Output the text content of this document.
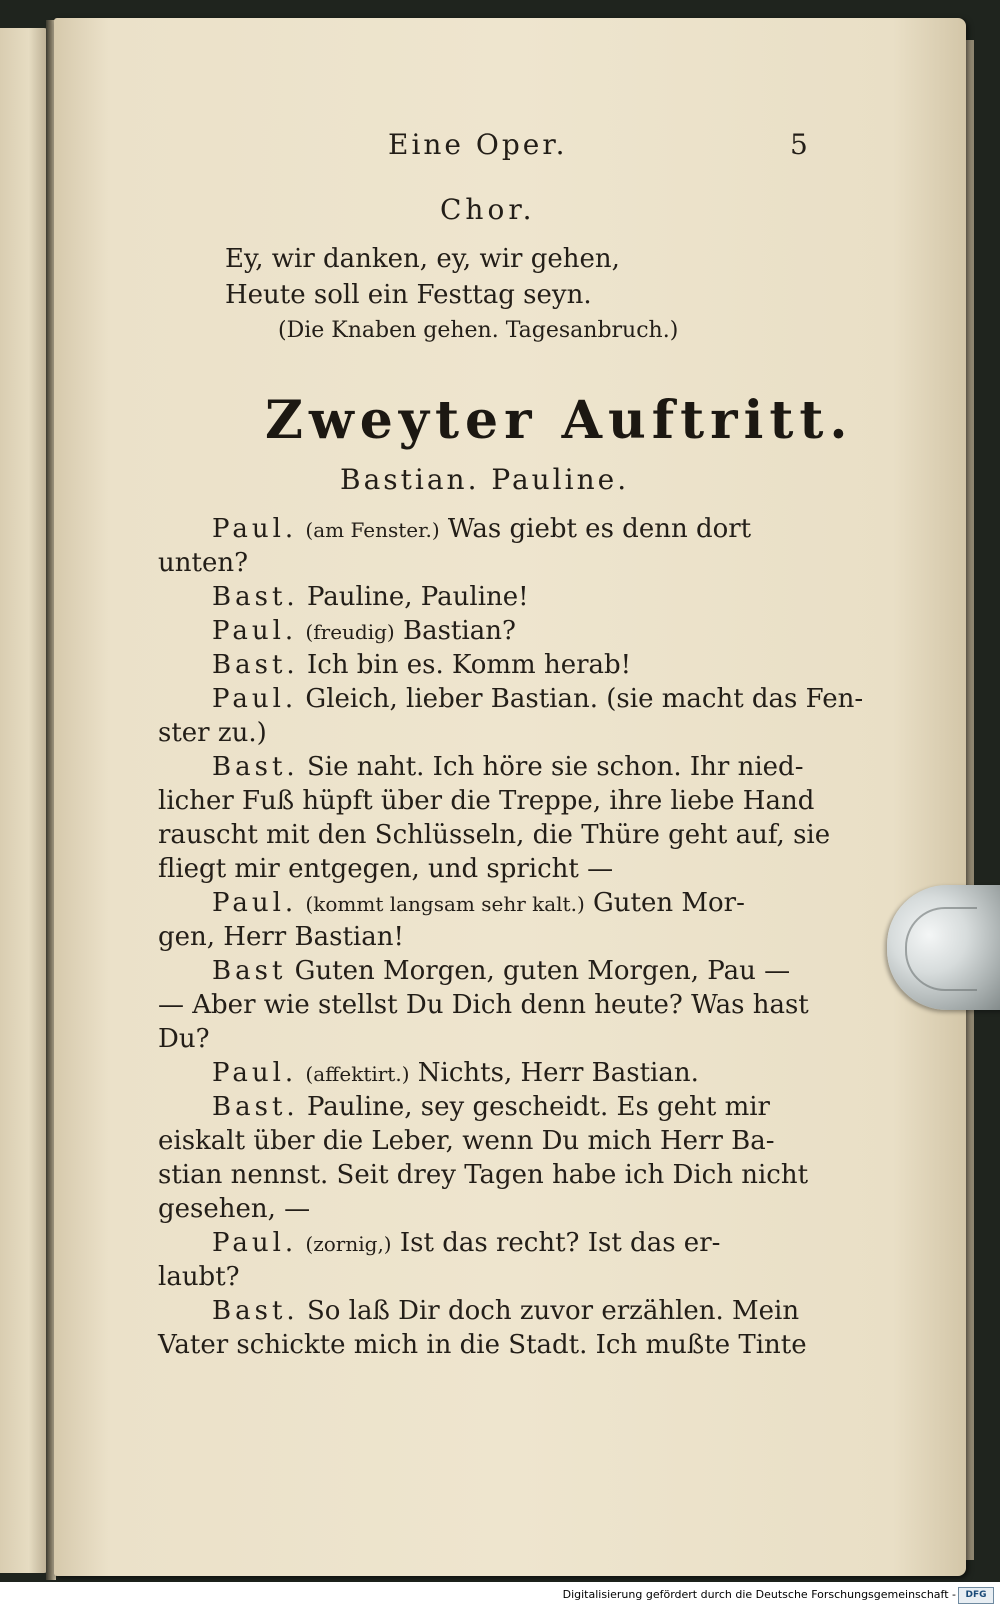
Eine Oper.	5
Chor.
Ey, wir danken, ey, wir gehen,
Heute soll ein Festtag seyn.
(Die Knaben gehen. Tagesanbruch.)
Zweyter Auftritt.
Bastian. Pauline.
Paul. (am Fenster.) Was giebt es denn dort
unten?
Bast. Pauline, Pauline!
Paul. (freudig) Bastian?
Bast. Ich bin es. Komm herab!
Paul. Gleich, lieber Bastian. (sie macht das Fen-
ster zu.)
Bast. Sie naht. Ich höre sie schon. Ihr nied-
licher Fuß hüpft über die Treppe, ihre liebe Hand
rauscht mit den Schlüsseln, die Thüre geht auf, sie
fliegt mir entgegen, und spricht —
Paul. (kommt langsam sehr kalt.) Guten Mor-
gen, Herr Bastian!
Bast Guten Morgen, guten Morgen, Pau —
— Aber wie stellst Du Dich denn heute? Was hast
Du?
Paul. (affektirt.) Nichts, Herr Bastian.
Bast. Pauline, sey gescheidt. Es geht mir
eiskalt über die Leber, wenn Du mich Herr Ba-
stian nennst. Seit drey Tagen habe ich Dich nicht
gesehen, —
Paul. (zornig,) Ist das recht? Ist das er-
laubt?
Bast. So laß Dir doch zuvor erzählen. Mein
Vater schickte mich in die Stadt. Ich mußte Tinte
Digitalisierung gefördert durch die Deutsche Forschungsgemeinschaft -	DFG
